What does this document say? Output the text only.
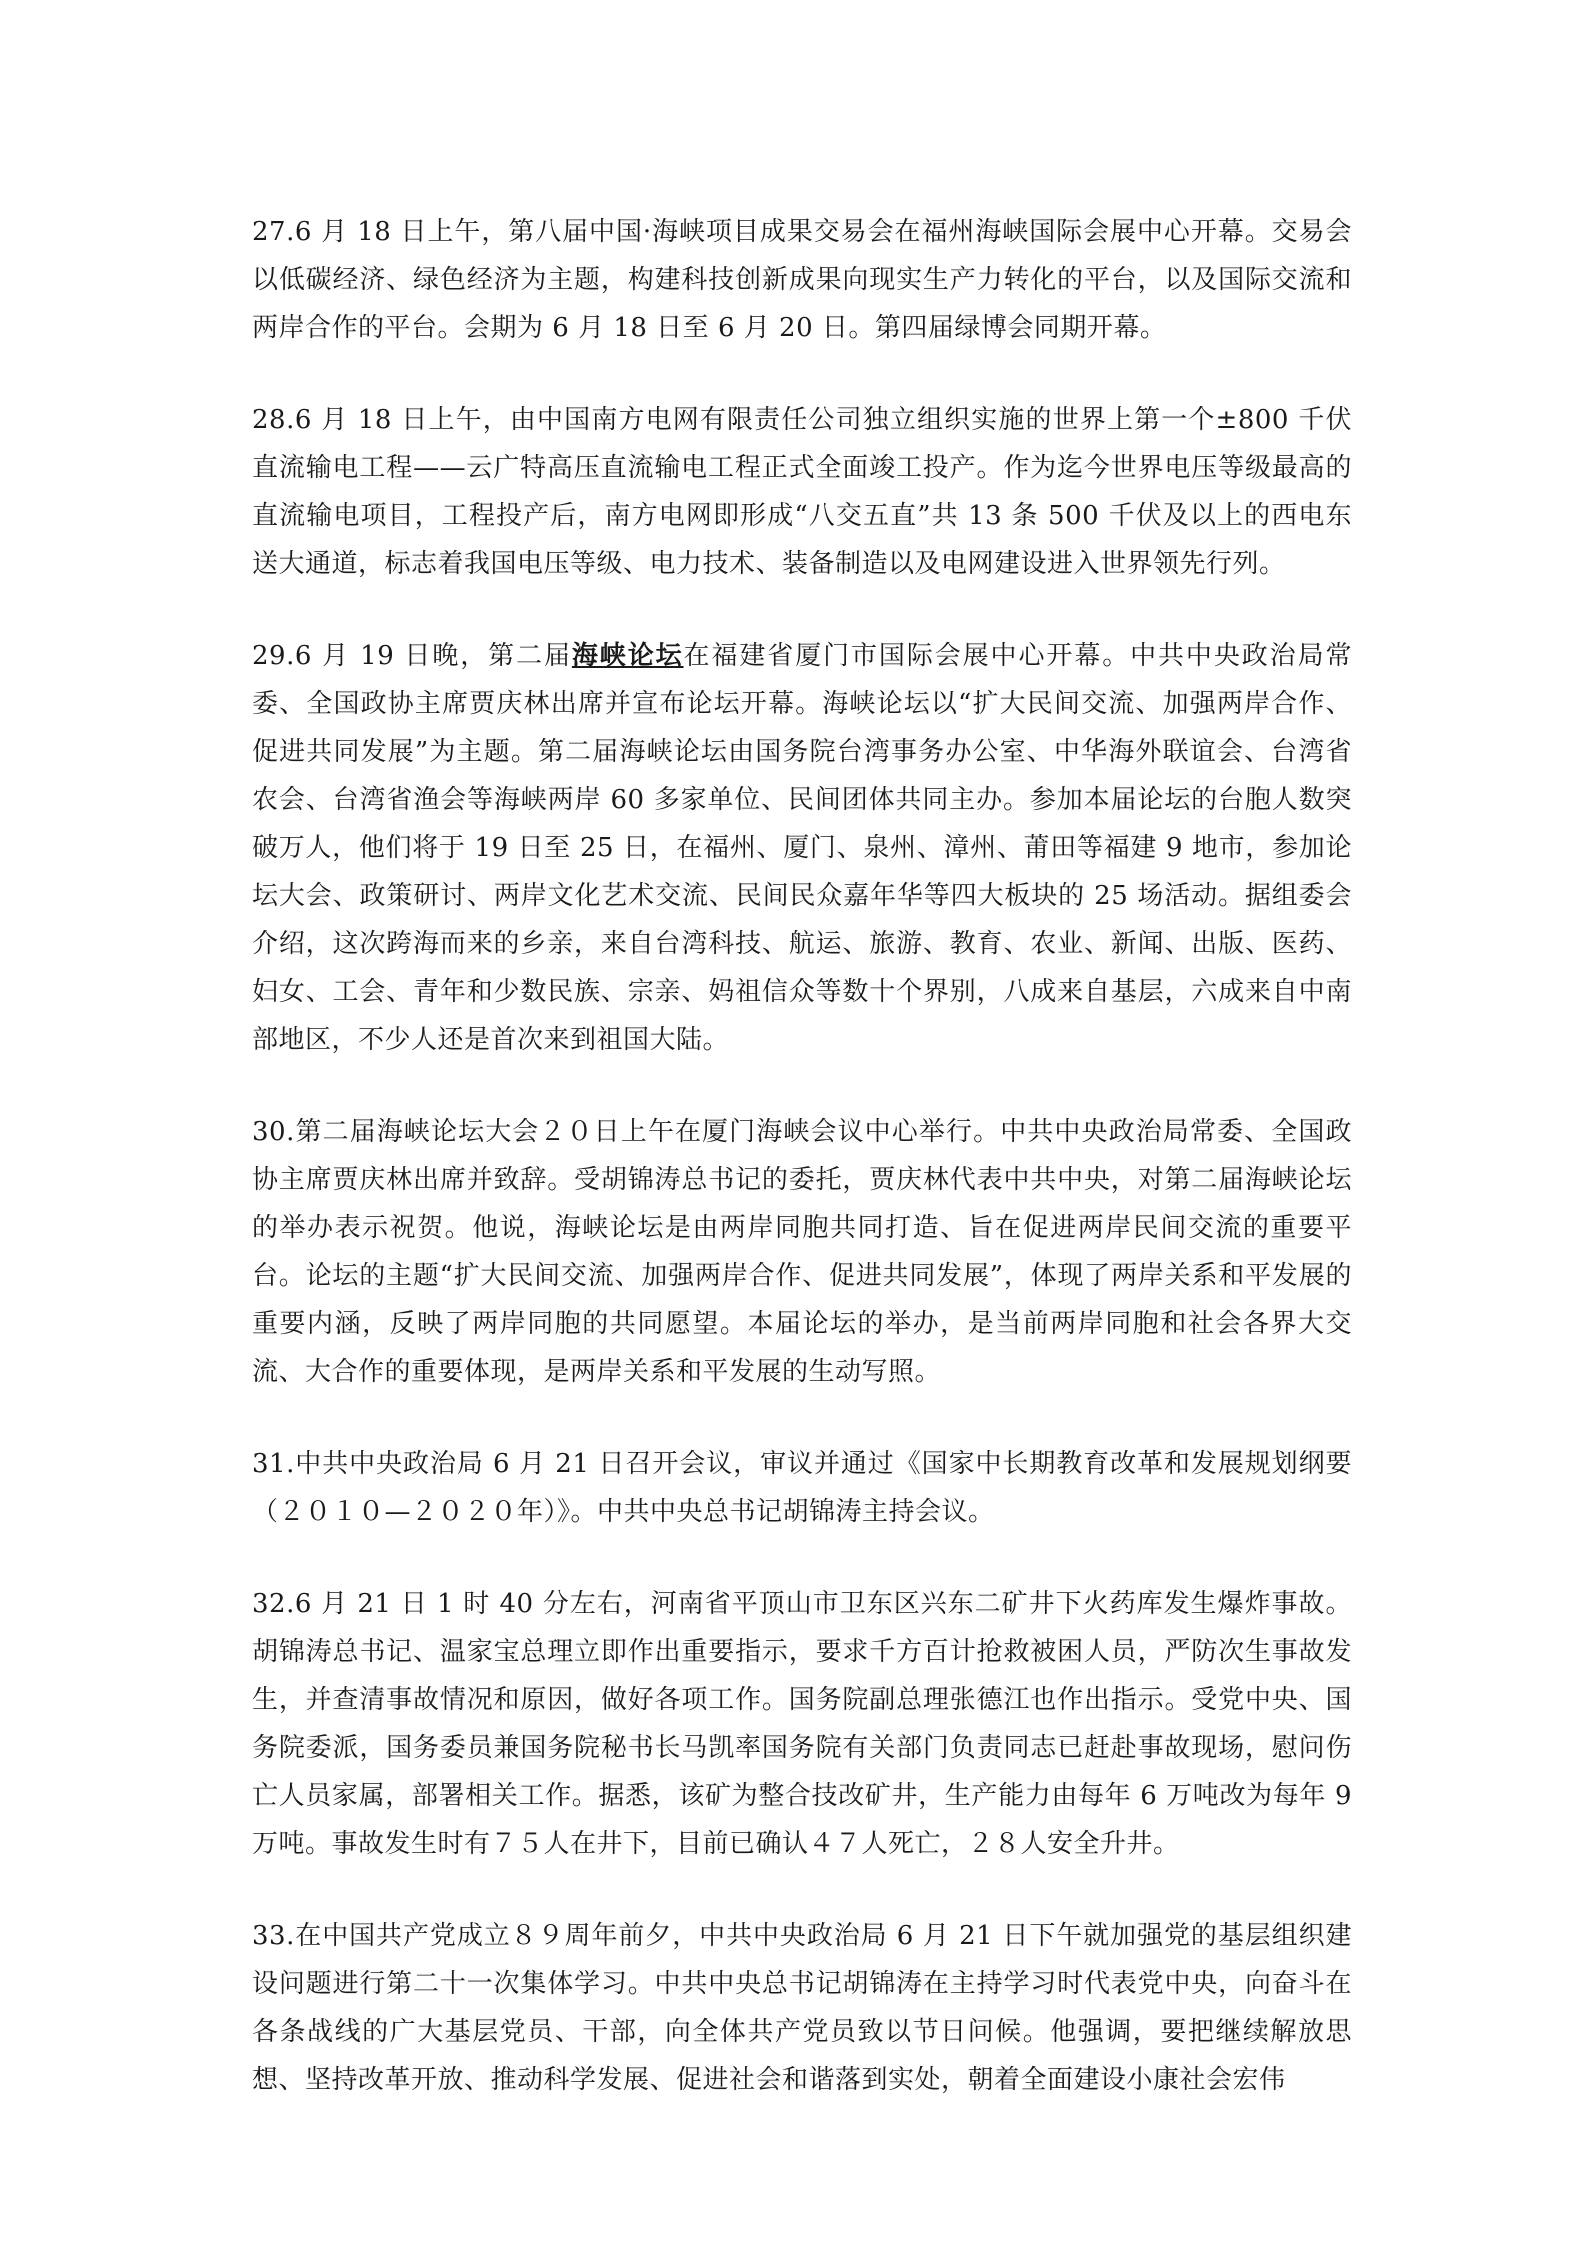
27.6 月 18 日上午，第八届中国·海峡项目成果交易会在福州海峡国际会展中心开幕。交易会以低碳经济、绿色经济为主题，构建科技创新成果向现实生产力转化的平台，以及国际交流和两岸合作的平台。会期为 6 月 18 日至 6 月 20 日。第四届绿博会同期开幕。

28.6 月 18 日上午，由中国南方电网有限责任公司独立组织实施的世界上第一个±800 千伏直流输电工程——云广特高压直流输电工程正式全面竣工投产。作为迄今世界电压等级最高的直流输电项目，工程投产后，南方电网即形成“八交五直”共 13 条 500 千伏及以上的西电东送大通道，标志着我国电压等级、电力技术、装备制造以及电网建设进入世界领先行列。

29.6 月 19 日晚，第二届海峡论坛在福建省厦门市国际会展中心开幕。中共中央政治局常委、全国政协主席贾庆林出席并宣布论坛开幕。海峡论坛以“扩大民间交流、加强两岸合作、促进共同发展”为主题。第二届海峡论坛由国务院台湾事务办公室、中华海外联谊会、台湾省农会、台湾省渔会等海峡两岸 60 多家单位、民间团体共同主办。参加本届论坛的台胞人数突破万人，他们将于 19 日至 25 日，在福州、厦门、泉州、漳州、莆田等福建 9 地市，参加论坛大会、政策研讨、两岸文化艺术交流、民间民众嘉年华等四大板块的 25 场活动。据组委会介绍，这次跨海而来的乡亲，来自台湾科技、航运、旅游、教育、农业、新闻、出版、医药、妇女、工会、青年和少数民族、宗亲、妈祖信众等数十个界别，八成来自基层，六成来自中南部地区，不少人还是首次来到祖国大陆。

30.第二届海峡论坛大会２０日上午在厦门海峡会议中心举行。中共中央政治局常委、全国政协主席贾庆林出席并致辞。受胡锦涛总书记的委托，贾庆林代表中共中央，对第二届海峡论坛的举办表示祝贺。他说，海峡论坛是由两岸同胞共同打造、旨在促进两岸民间交流的重要平台。论坛的主题“扩大民间交流、加强两岸合作、促进共同发展”，体现了两岸关系和平发展的重要内涵，反映了两岸同胞的共同愿望。本届论坛的举办，是当前两岸同胞和社会各界大交流、大合作的重要体现，是两岸关系和平发展的生动写照。

31.中共中央政治局 6 月 21 日召开会议，审议并通过《国家中长期教育改革和发展规划纲要（２０１０—２０２０年）》。中共中央总书记胡锦涛主持会议。

32.6 月 21 日 1 时 40 分左右，河南省平顶山市卫东区兴东二矿井下火药库发生爆炸事故。胡锦涛总书记、温家宝总理立即作出重要指示，要求千方百计抢救被困人员，严防次生事故发生，并查清事故情况和原因，做好各项工作。国务院副总理张德江也作出指示。受党中央、国务院委派，国务委员兼国务院秘书长马凯率国务院有关部门负责同志已赶赴事故现场，慰问伤亡人员家属，部署相关工作。据悉，该矿为整合技改矿井，生产能力由每年 6 万吨改为每年 9 万吨。事故发生时有７５人在井下，目前已确认４７人死亡，２８人安全升井。

33.在中国共产党成立８９周年前夕，中共中央政治局 6 月 21 日下午就加强党的基层组织建设问题进行第二十一次集体学习。中共中央总书记胡锦涛在主持学习时代表党中央，向奋斗在各条战线的广大基层党员、干部，向全体共产党员致以节日问候。他强调，要把继续解放思想、坚持改革开放、推动科学发展、促进社会和谐落到实处，朝着全面建设小康社会宏伟
